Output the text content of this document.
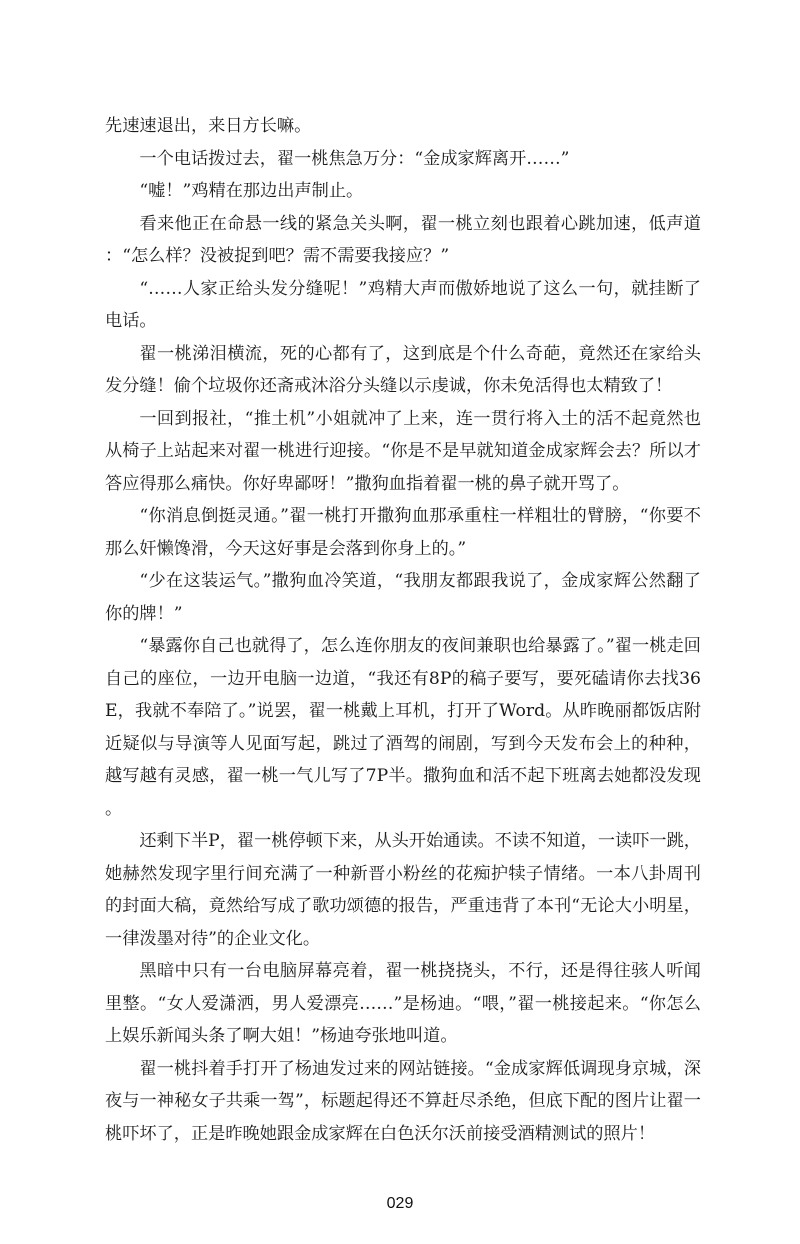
先速速退出，来日方长嘛。

一个电话拨过去，翟一桃焦急万分：“金成家辉离开……”

“嘘！”鸡精在那边出声制止。

看来他正在命悬一线的紧急关头啊，翟一桃立刻也跟着心跳加速，低声道：“怎么样？没被捉到吧？需不需要我接应？”

“……人家正给头发分缝呢！”鸡精大声而傲娇地说了这么一句，就挂断了电话。

翟一桃涕泪横流，死的心都有了，这到底是个什么奇葩，竟然还在家给头发分缝！偷个垃圾你还斋戒沐浴分头缝以示虔诚，你未免活得也太精致了！

一回到报社，“推土机”小姐就冲了上来，连一贯行将入土的活不起竟然也从椅子上站起来对翟一桃进行迎接。“你是不是早就知道金成家辉会去？所以才答应得那么痛快。你好卑鄙呀！”撒狗血指着翟一桃的鼻子就开骂了。

“你消息倒挺灵通。”翟一桃打开撒狗血那承重柱一样粗壮的臂膀，“你要不那么奸懒馋滑，今天这好事是会落到你身上的。”

“少在这装运气。”撒狗血冷笑道，“我朋友都跟我说了，金成家辉公然翻了你的牌！”

“暴露你自己也就得了，怎么连你朋友的夜间兼职也给暴露了。”翟一桃走回自己的座位，一边开电脑一边道，“我还有8P的稿子要写，要死磕请你去找36E，我就不奉陪了。”说罢，翟一桃戴上耳机，打开了Word。从昨晚丽都饭店附近疑似与导演等人见面写起，跳过了酒驾的闹剧，写到今天发布会上的种种，越写越有灵感，翟一桃一气儿写了7P半。撒狗血和活不起下班离去她都没发现。

还剩下半P，翟一桃停顿下来，从头开始通读。不读不知道，一读吓一跳，她赫然发现字里行间充满了一种新晋小粉丝的花痴护犊子情绪。一本八卦周刊的封面大稿，竟然给写成了歌功颂德的报告，严重违背了本刊“无论大小明星，一律泼墨对待”的企业文化。

黑暗中只有一台电脑屏幕亮着，翟一桃挠挠头，不行，还是得往骇人听闻里整。“女人爱潇洒，男人爱漂亮……”是杨迪。“喂，”翟一桃接起来。“你怎么上娱乐新闻头条了啊大姐！”杨迪夸张地叫道。

翟一桃抖着手打开了杨迪发过来的网站链接。“金成家辉低调现身京城，深夜与一神秘女子共乘一驾”，标题起得还不算赶尽杀绝，但底下配的图片让翟一桃吓坏了，正是昨晚她跟金成家辉在白色沃尔沃前接受酒精测试的照片！

029
